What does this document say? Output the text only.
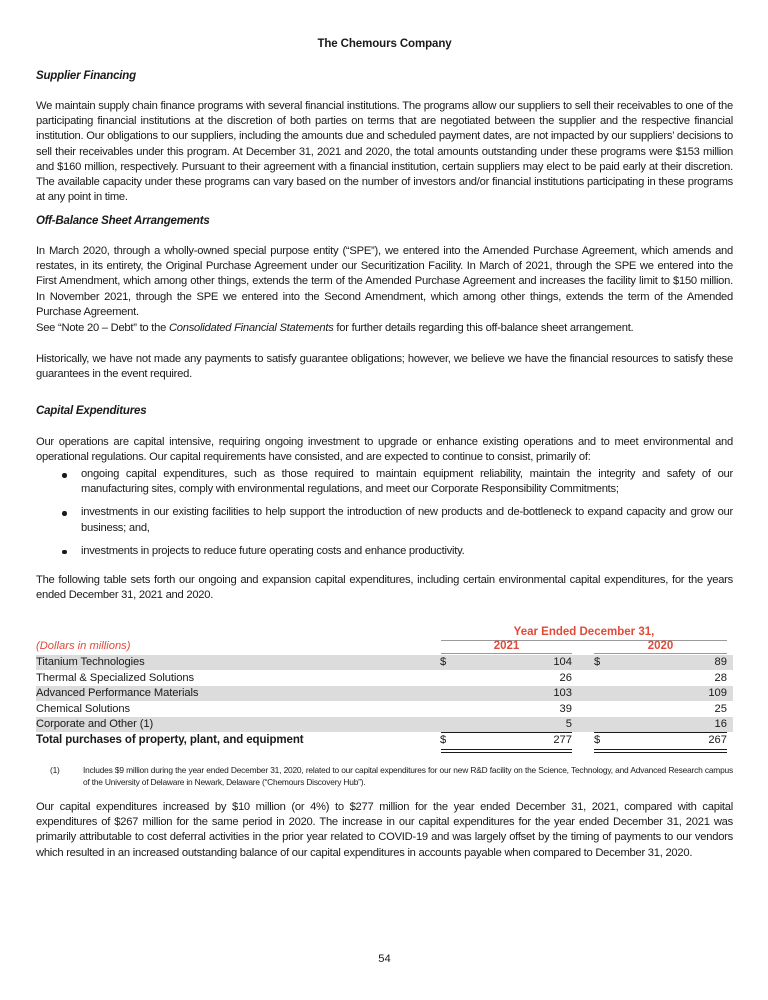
The Chemours Company
Supplier Financing
We maintain supply chain finance programs with several financial institutions. The programs allow our suppliers to sell their receivables to one of the participating financial institutions at the discretion of both parties on terms that are negotiated between the supplier and the respective financial institution. Our obligations to our suppliers, including the amounts due and scheduled payment dates, are not impacted by our suppliers’ decisions to sell their receivables under this program. At December 31, 2021 and 2020, the total amounts outstanding under these programs were $153 million and $160 million, respectively. Pursuant to their agreement with a financial institution, certain suppliers may elect to be paid early at their discretion. The available capacity under these programs can vary based on the number of investors and/or financial institutions participating in these programs at any point in time.
Off-Balance Sheet Arrangements
In March 2020, through a wholly-owned special purpose entity (“SPE”), we entered into the Amended Purchase Agreement, which amends and restates, in its entirety, the Original Purchase Agreement under our Securitization Facility. In March of 2021, through the SPE we entered into the First Amendment, which among other things, extends the term of the Amended Purchase Agreement and increases the facility limit to $150 million. In November 2021, through the SPE we entered into the Second Amendment, which among other things, extends the term of the Amended Purchase Agreement.
See “Note 20 – Debt” to the Consolidated Financial Statements for further details regarding this off-balance sheet arrangement.
Historically, we have not made any payments to satisfy guarantee obligations; however, we believe we have the financial resources to satisfy these guarantees in the event required.
Capital Expenditures
Our operations are capital intensive, requiring ongoing investment to upgrade or enhance existing operations and to meet environmental and operational regulations. Our capital requirements have consisted, and are expected to continue to consist, primarily of:
ongoing capital expenditures, such as those required to maintain equipment reliability, maintain the integrity and safety of our manufacturing sites, comply with environmental regulations, and meet our Corporate Responsibility Commitments;
investments in our existing facilities to help support the introduction of new products and de-bottleneck to expand capacity and grow our business; and,
investments in projects to reduce future operating costs and enhance productivity.
The following table sets forth our ongoing and expansion capital expenditures, including certain environmental capital expenditures, for the years ended December 31, 2021 and 2020.
Year Ended December 31,
(Dollars in millions)	2021	2020
Titanium Technologies	$	104 $	89
Thermal & Specialized Solutions	26	28
Advanced Performance Materials	103	109
Chemical Solutions	39	25
Corporate and Other (1)	5	16
Total purchases of property, plant, and equipment	$	277 $	267
(1)	Includes $9 million during the year ended December 31, 2020, related to our capital expenditures for our new R&D facility on the Science, Technology, and Advanced Research campus of the University of Delaware in Newark, Delaware (“Chemours Discovery Hub”).
Our capital expenditures increased by $10 million (or 4%) to $277 million for the year ended December 31, 2021, compared with capital expenditures of $267 million for the same period in 2020. The increase in our capital expenditures for the year ended December 31, 2021 was primarily attributable to cost deferral activities in the prior year related to COVID-19 and was largely offset by the timing of payments to our vendors which resulted in an increased outstanding balance of our capital expenditures in accounts payable when compared to December 31, 2020.
54
